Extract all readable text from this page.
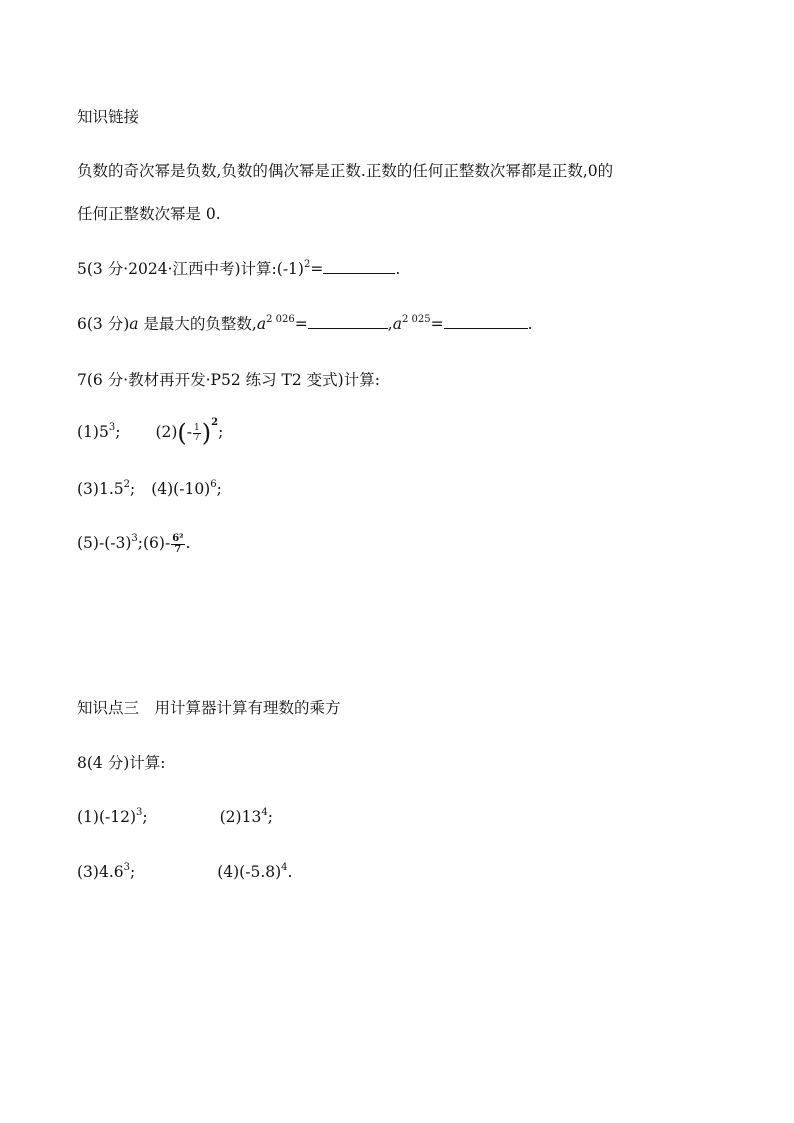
知识链接
负数的奇次幂是负数,负数的偶次幂是正数.正数的任何正整数次幂都是正数,0的
任何正整数次幂是 0.
5(3 分·2024·江西中考)计算$:(-1)^2=$	.
6(3 分)a 是最大的负整数$,a^{2 026}=$	$,a^{2 025}=$	.
7(6 分·教材再开发·P52 练习 T2 变式)计算:
$(1)5^3$; $(2)(- \frac{1}{7} )^2$;
$(3)1.5^2$; $(4)(-10)^6$;
$(5)-(-3)^3;(6)- \frac{\text{6²}}{7}$ .
知识点三　用计算器计算有理数的乘方
8(4 分)计算:
$(1)(-12)^3$;	$(2)13^4$;
$(3)4.6^3$;	$(4)(-5.8)^4$.
